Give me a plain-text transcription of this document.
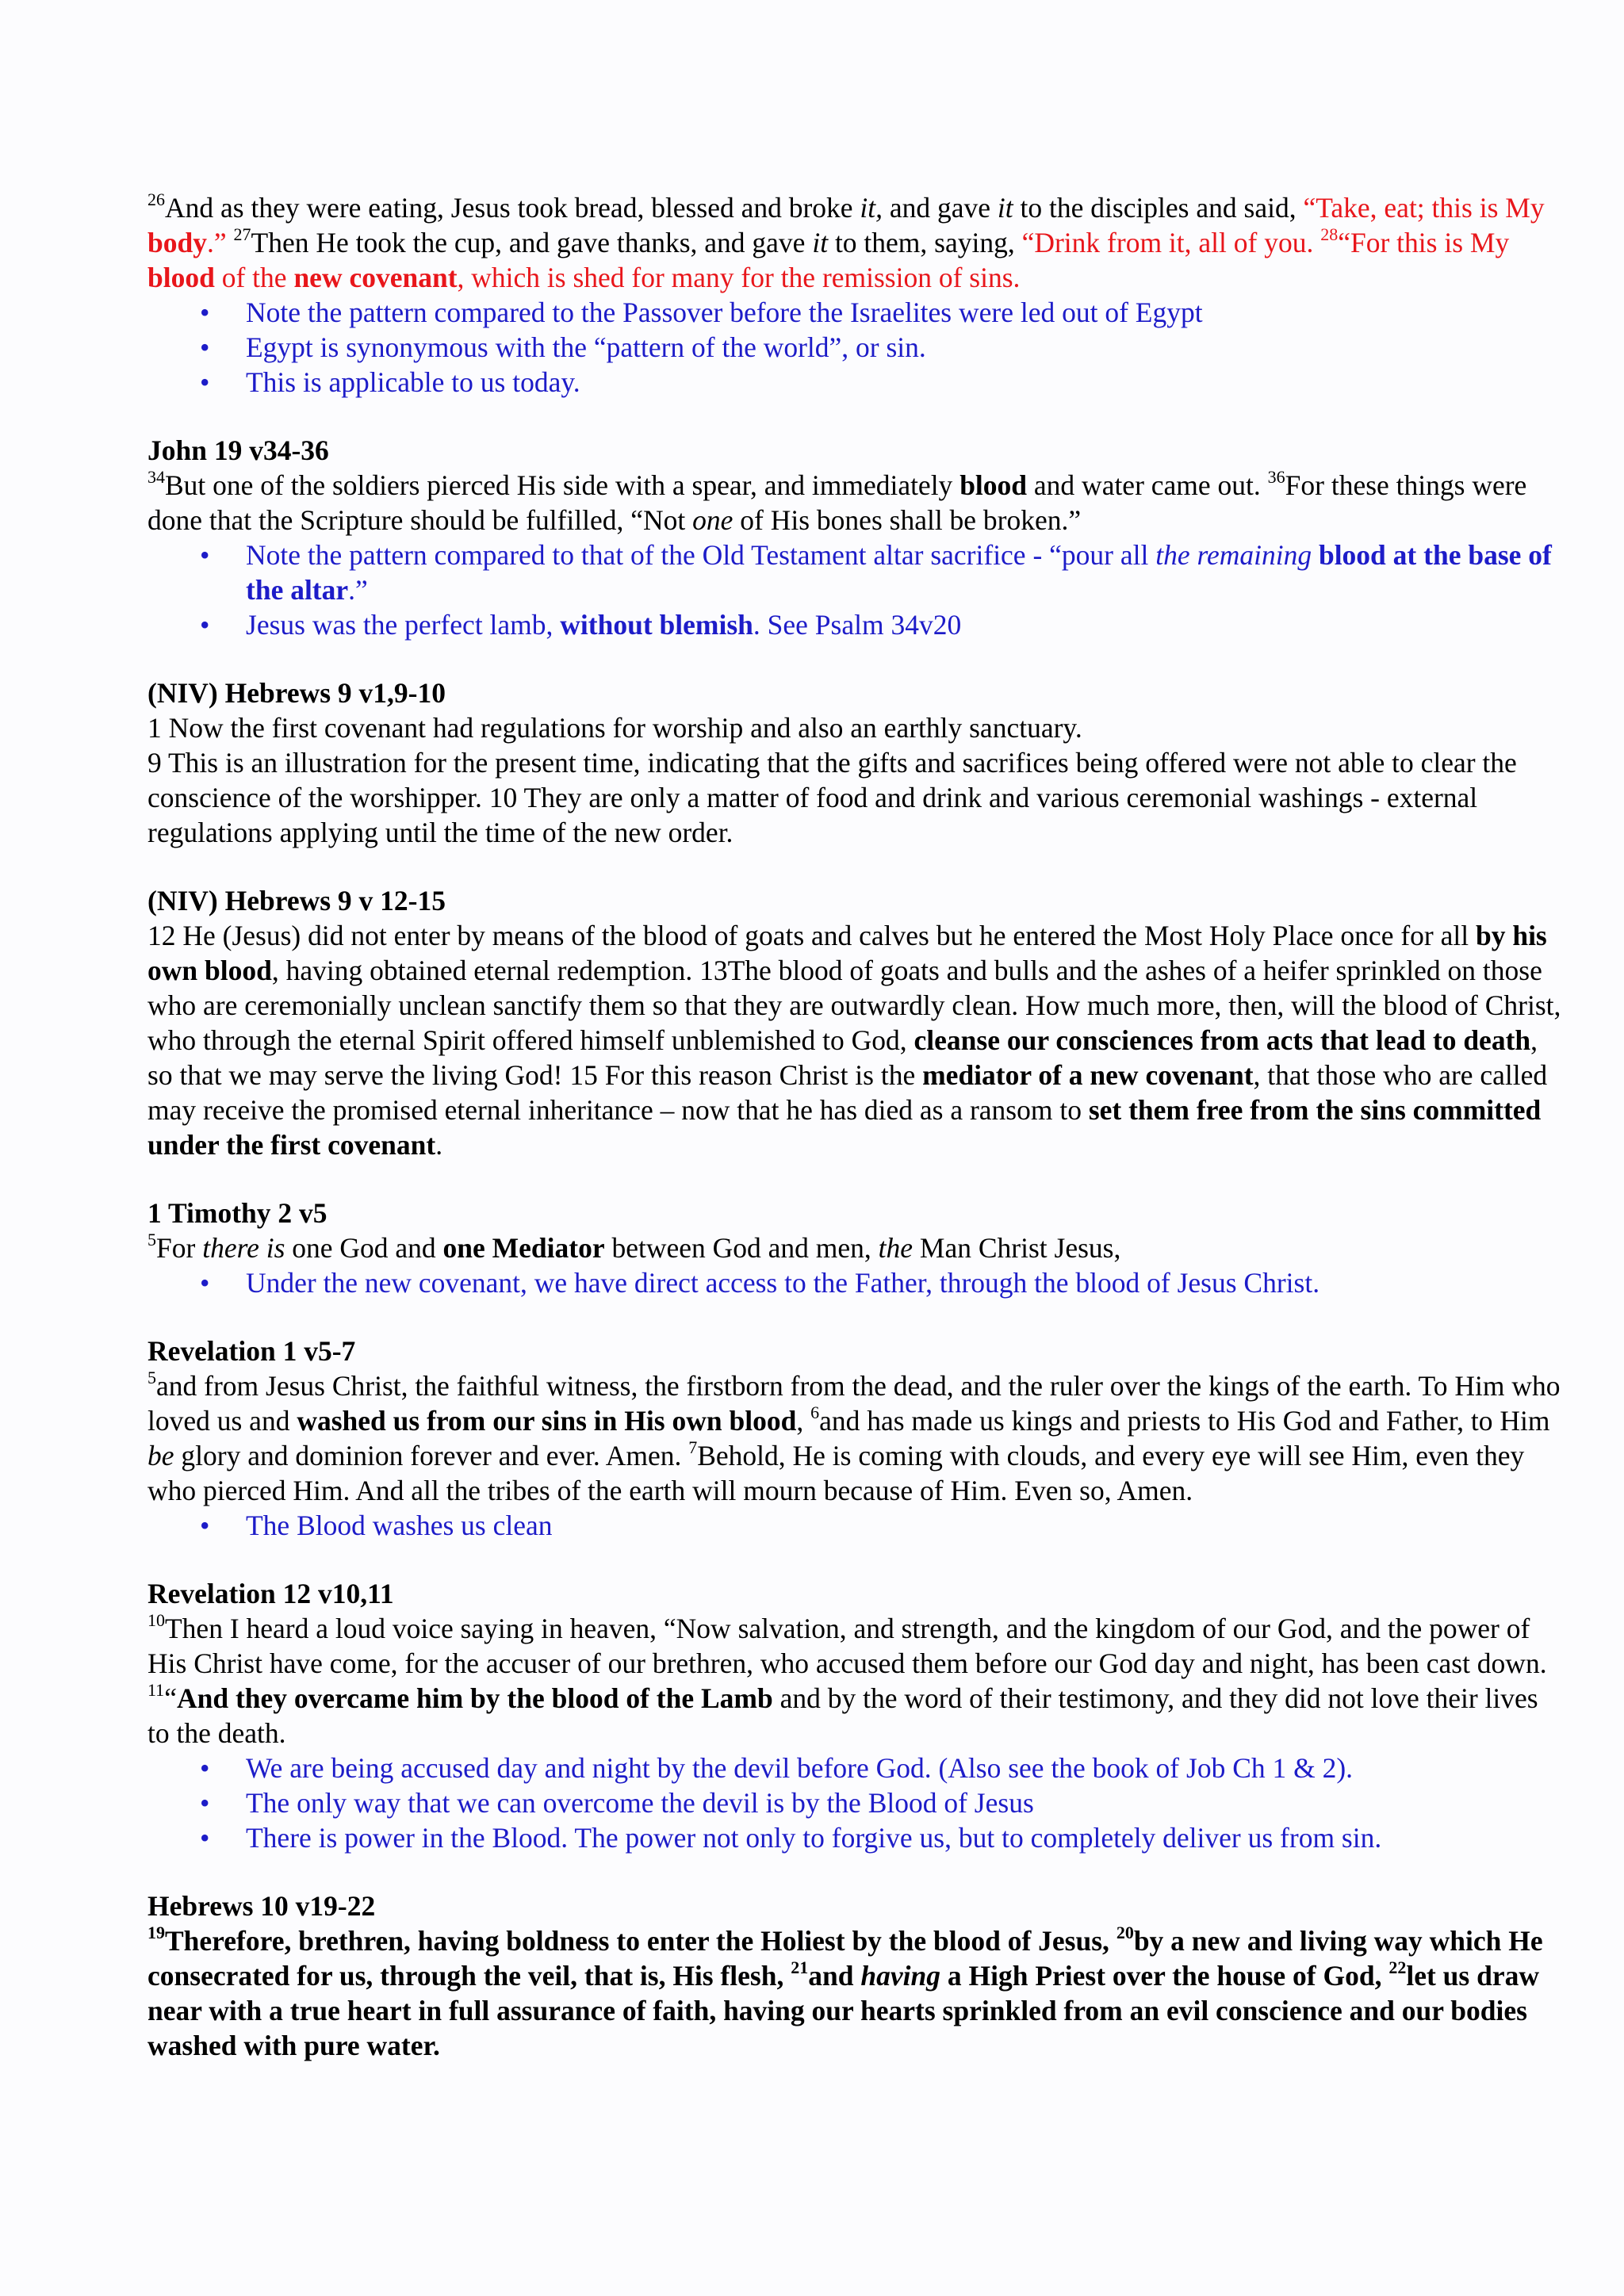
$^{26}$And as they were eating, Jesus took bread, blessed and broke it, and gave it to the disciples and said, “Take, eat; this is My body.” $^{27}$Then He took the cup, and gave thanks, and gave it to them, saying, “Drink from it, all of you. $^{28}$“For this is My blood of the new covenant, which is shed for many for the remission of sins.

• Note the pattern compared to the Passover before the Israelites were led out of Egypt
• Egypt is synonymous with the “pattern of the world”, or sin.
• This is applicable to us today.

John 19 v34-36

$^{34}$But one of the soldiers pierced His side with a spear, and immediately blood and water came out. $^{36}$For these things were done that the Scripture should be fulfilled, “Not one of His bones shall be broken.”

• Note the pattern compared to that of the Old Testament altar sacrifice - “pour all the remaining blood at the base of the altar.”
• Jesus was the perfect lamb, without blemish. See Psalm 34v20

(NIV) Hebrews 9 v1,9-10

1 Now the first covenant had regulations for worship and also an earthly sanctuary.

9 This is an illustration for the present time, indicating that the gifts and sacrifices being offered were not able to clear the conscience of the worshipper. 10 They are only a matter of food and drink and various ceremonial washings - external regulations applying until the time of the new order.

(NIV) Hebrews 9 v 12-15

12 He (Jesus) did not enter by means of the blood of goats and calves but he entered the Most Holy Place once for all by his own blood, having obtained eternal redemption. 13The blood of goats and bulls and the ashes of a heifer sprinkled on those who are ceremonially unclean sanctify them so that they are outwardly clean. How much more, then, will the blood of Christ, who through the eternal Spirit offered himself unblemished to God, cleanse our consciences from acts that lead to death, so that we may serve the living God! 15 For this reason Christ is the mediator of a new covenant, that those who are called may receive the promised eternal inheritance – now that he has died as a ransom to set them free from the sins committed under the first covenant.

1 Timothy 2 v5

$^5$For there is one God and one Mediator between God and men, the Man Christ Jesus,

• Under the new covenant, we have direct access to the Father, through the blood of Jesus Christ.

Revelation 1 v5-7

$^5$and from Jesus Christ, the faithful witness, the firstborn from the dead, and the ruler over the kings of the earth. To Him who loved us and washed us from our sins in His own blood, $^6$and has made us kings and priests to His God and Father, to Him be glory and dominion forever and ever. Amen. $^7$Behold, He is coming with clouds, and every eye will see Him, even they who pierced Him. And all the tribes of the earth will mourn because of Him. Even so, Amen.

• The Blood washes us clean

Revelation 12 v10,11

$^{10}$Then I heard a loud voice saying in heaven, “Now salvation, and strength, and the kingdom of our God, and the power of His Christ have come, for the accuser of our brethren, who accused them before our God day and night, has been cast down. $^{11}$“And they overcame him by the blood of the Lamb and by the word of their testimony, and they did not love their lives to the death.

• We are being accused day and night by the devil before God. (Also see the book of Job Ch 1 & 2).
• The only way that we can overcome the devil is by the Blood of Jesus
• There is power in the Blood. The power not only to forgive us, but to completely deliver us from sin.

Hebrews 10 v19-22

$^{19}$Therefore, brethren, having boldness to enter the Holiest by the blood of Jesus, $^{20}$by a new and living way which He consecrated for us, through the veil, that is, His flesh, $^{21}$and having a High Priest over the house of God, $^{22}$let us draw near with a true heart in full assurance of faith, having our hearts sprinkled from an evil conscience and our bodies washed with pure water.
